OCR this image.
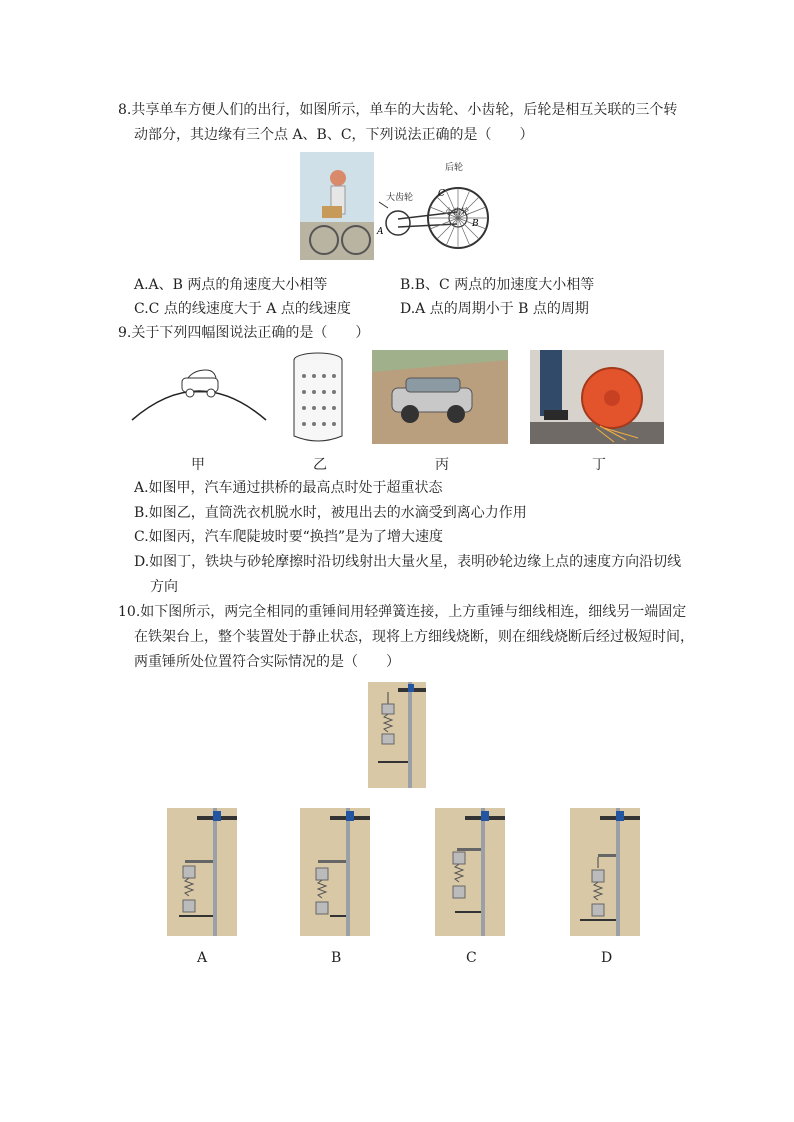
8.共享单车方便人们的出行，如图所示，单车的大齿轮、小齿轮，后轮是相互关联的三个转
动部分，其边缘有三个点 A、B、C，下列说法正确的是（　　）
大齿轮
后轮
小齿轮
A
B
C
A.A、B 两点的角速度大小相等	B.B、C 两点的加速度大小相等
C.C 点的线速度大于 A 点的线速度	D.A 点的周期小于 B 点的周期
9.关于下列四幅图说法正确的是（　　）
甲	乙	丙	丁
A.如图甲，汽车通过拱桥的最高点时处于超重状态
B.如图乙，直筒洗衣机脱水时，被甩出去的水滴受到离心力作用
C.如图丙，汽车爬陡坡时要“换挡”是为了增大速度
D.如图丁，铁块与砂轮摩擦时沿切线射出大量火星，表明砂轮边缘上点的速度方向沿切线
方向
10.如下图所示，两完全相同的重锤间用轻弹簧连接，上方重锤与细线相连，细线另一端固定
在铁架台上，整个装置处于静止状态，现将上方细线烧断，则在细线烧断后经过极短时间，
两重锤所处位置符合实际情况的是（　　）
A	B	C	D
